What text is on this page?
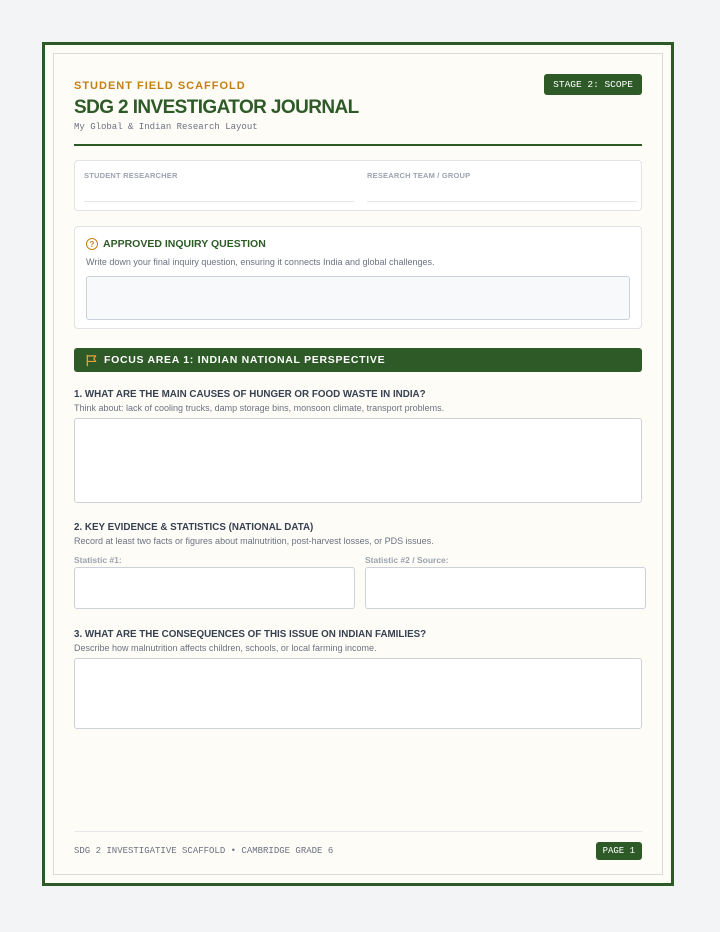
STUDENT FIELD SCAFFOLD	STAGE 2: SCOPE
SDG 2 INVESTIGATOR JOURNAL
My Global & Indian Research Layout
STUDENT RESEARCHER	RESEARCH TEAM / GROUP
? APPROVED INQUIRY QUESTION
Write down your final inquiry question, ensuring it connects India and global challenges.
FOCUS AREA 1: INDIAN NATIONAL PERSPECTIVE
1. WHAT ARE THE MAIN CAUSES OF HUNGER OR FOOD WASTE IN INDIA?
Think about: lack of cooling trucks, damp storage bins, monsoon climate, transport problems.
2. KEY EVIDENCE & STATISTICS (NATIONAL DATA)
Record at least two facts or figures about malnutrition, post-harvest losses, or PDS issues.
Statistic #1:	Statistic #2 / Source:
3. WHAT ARE THE CONSEQUENCES OF THIS ISSUE ON INDIAN FAMILIES?
Describe how malnutrition affects children, schools, or local farming income.
SDG 2 INVESTIGATIVE SCAFFOLD • CAMBRIDGE GRADE 6	PAGE 1
